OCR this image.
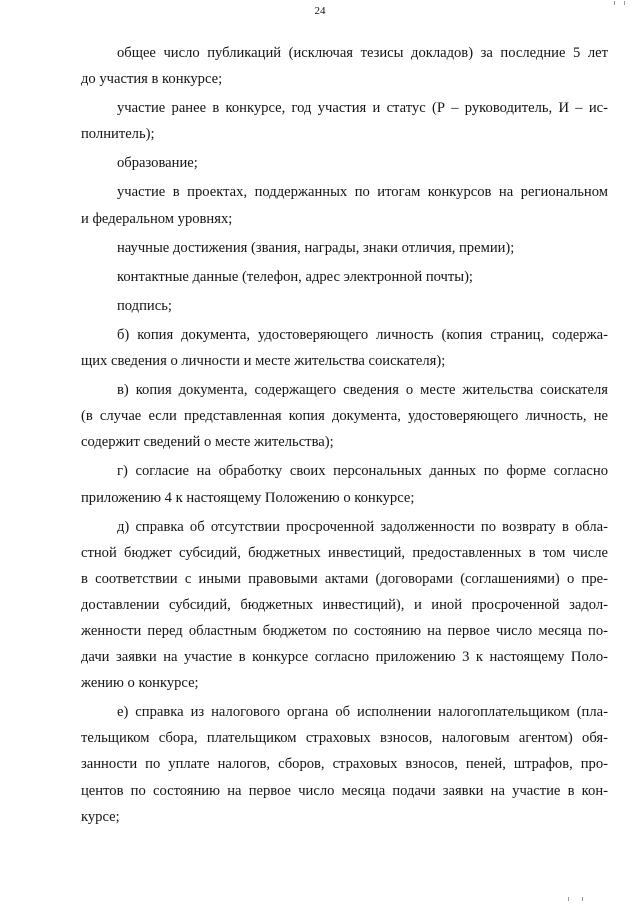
24

общее число публикаций (исключая тезисы докладов) за последние 5 лет
до участия в конкурсе;

участие ранее в конкурсе, год участия и статус (Р – руководитель, И – ис-
полнитель);

образование;

участие в проектах, поддержанных по итогам конкурсов на региональном
и федеральном уровнях;

научные достижения (звания, награды, знаки отличия, премии);

контактные данные (телефон, адрес электронной почты);

подпись;

б) копия документа, удостоверяющего личность (копия страниц, содержа-
щих сведения о личности и месте жительства соискателя);

в) копия документа, содержащего сведения о месте жительства соискателя
(в случае если представленная копия документа, удостоверяющего личность, не
содержит сведений о месте жительства);

г) согласие на обработку своих персональных данных по форме согласно
приложению 4 к настоящему Положению о конкурсе;

д) справка об отсутствии просроченной задолженности по возврату в обла-
стной бюджет субсидий, бюджетных инвестиций, предоставленных в том числе
в соответствии с иными правовыми актами (договорами (соглашениями) о пре-
доставлении субсидий, бюджетных инвестиций), и иной просроченной задол-
женности перед областным бюджетом по состоянию на первое число месяца по-
дачи заявки на участие в конкурсе согласно приложению 3 к настоящему Поло-
жению о конкурсе;

е) справка из налогового органа об исполнении налогоплательщиком (пла-
тельщиком сбора, плательщиком страховых взносов, налоговым агентом) обя-
занности по уплате налогов, сборов, страховых взносов, пеней, штрафов, про-
центов по состоянию на первое число месяца подачи заявки на участие в кон-
курсе;
